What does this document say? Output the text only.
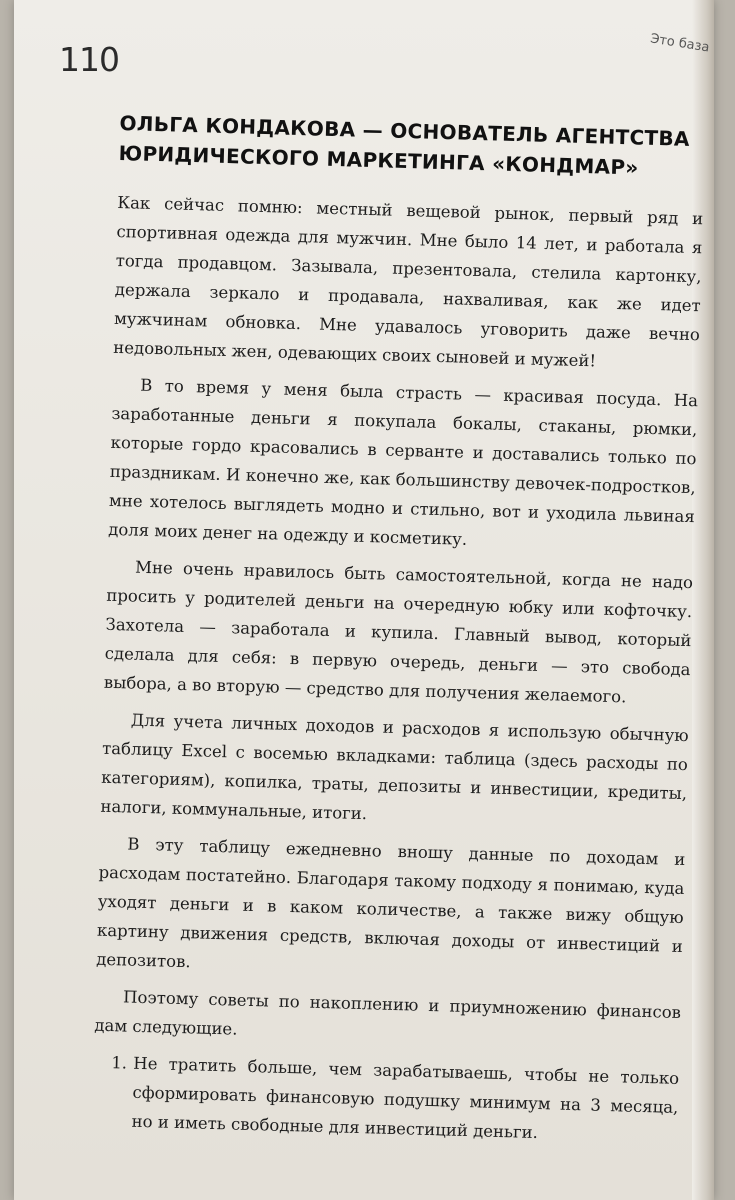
110	Это база
ОЛЬГА КОНДАКОВА — ОСНОВАТЕЛЬ АГЕНТСТВА ЮРИДИЧЕСКОГО МАРКЕТИНГА «КОНДМАР»

Как сейчас помню: местный вещевой рынок, первый ряд и спортивная одежда для мужчин. Мне было 14 лет, и работала я тогда продавцом. Зазывала, презентовала, стелила картонку, держала зеркало и продавала, нахваливая, как же идет мужчинам обновка. Мне удавалось уговорить даже вечно недовольных жен, одевающих своих сыновей и мужей!

В то время у меня была страсть — красивая посуда. На заработанные деньги я покупала бокалы, стаканы, рюмки, которые гордо красовались в серванте и доставались только по праздникам. И конечно же, как большинству девочек-подростков, мне хотелось выглядеть модно и стильно, вот и уходила львиная доля моих денег на одежду и косметику.

Мне очень нравилось быть самостоятельной, когда не надо просить у родителей деньги на очередную юбку или кофточку. Захотела — заработала и купила. Главный вывод, который сделала для себя: в первую очередь, деньги — это свобода выбора, а во вторую — средство для получения желаемого.

Для учета личных доходов и расходов я использую обычную таблицу Excel с восемью вкладками: таблица (здесь расходы по категориям), копилка, траты, депозиты и инвестиции, кредиты, налоги, коммунальные, итоги.

В эту таблицу ежедневно вношу данные по доходам и расходам постатейно. Благодаря такому подходу я понимаю, куда уходят деньги и в каком количестве, а также вижу общую картину движения средств, включая доходы от инвестиций и депозитов.

Поэтому советы по накоплению и приумножению финансов дам следующие.

1. Не тратить больше, чем зарабатываешь, чтобы не только сформировать финансовую подушку минимум на 3 месяца, но и иметь свободные для инвестиций деньги.
